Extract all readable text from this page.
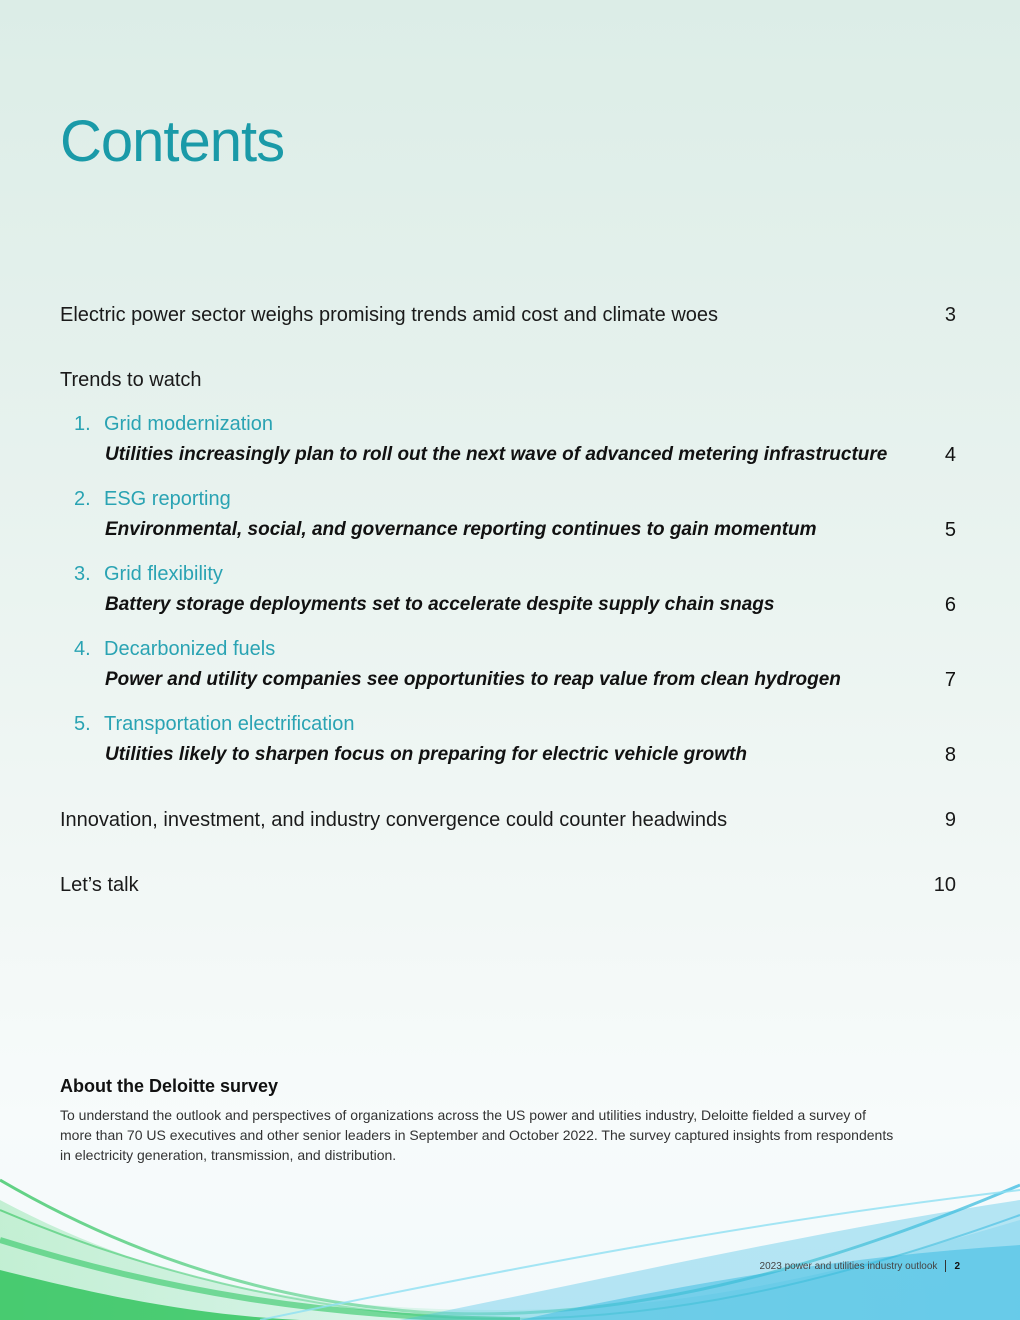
Contents
Electric power sector weighs promising trends amid cost and climate woes	3
Trends to watch
1. Grid modernization
Utilities increasingly plan to roll out the next wave of advanced metering infrastructure	4
2. ESG reporting
Environmental, social, and governance reporting continues to gain momentum	5
3. Grid flexibility
Battery storage deployments set to accelerate despite supply chain snags	6
4. Decarbonized fuels
Power and utility companies see opportunities to reap value from clean hydrogen	7
5. Transportation electrification
Utilities likely to sharpen focus on preparing for electric vehicle growth	8
Innovation, investment, and industry convergence could counter headwinds	9
Let’s talk	10
About the Deloitte survey

To understand the outlook and perspectives of organizations across the US power and utilities industry, Deloitte fielded a survey of more than 70 US executives and other senior leaders in September and October 2022. The survey captured insights from respondents in electricity generation, transmission, and distribution.

2023 power and utilities industry outlook 2
